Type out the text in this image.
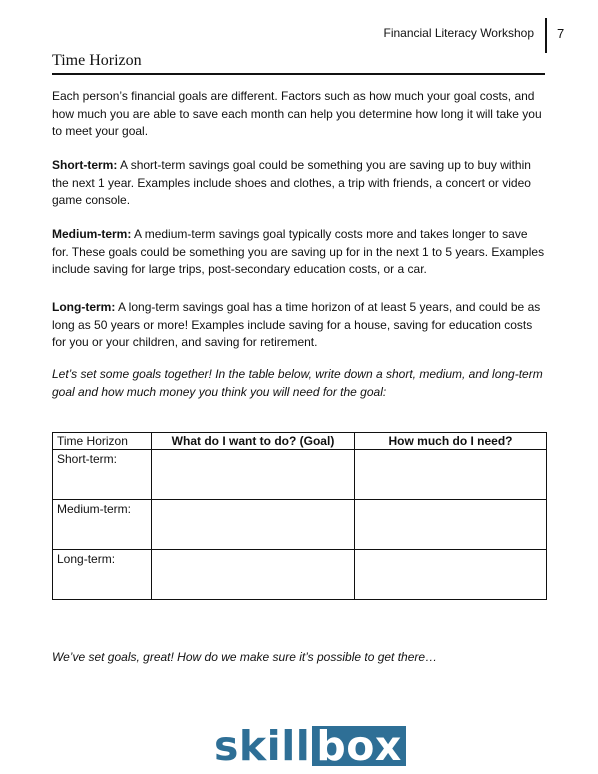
Financial Literacy Workshop 7
Time Horizon

Each person’s financial goals are different. Factors such as how much your goal costs, and how much you are able to save each month can help you determine how long it will take you to meet your goal.

Short-term: A short-term savings goal could be something you are saving up to buy within the next 1 year. Examples include shoes and clothes, a trip with friends, a concert or video game console.

Medium-term: A medium-term savings goal typically costs more and takes longer to save for. These goals could be something you are saving up for in the next 1 to 5 years. Examples include saving for large trips, post-secondary education costs, or a car.

Long-term: A long-term savings goal has a time horizon of at least 5 years, and could be as long as 50 years or more! Examples include saving for a house, saving for education costs for you or your children, and saving for retirement.

Let’s set some goals together! In the table below, write down a short, medium, and long-term goal and how much money you think you will need for the goal:

Time Horizon	What do I want to do? (Goal)	How much do I need?
Short-term:		
Medium-term:		
Long-term:		
We’ve set goals, great! How do we make sure it’s possible to get there…
skill box
